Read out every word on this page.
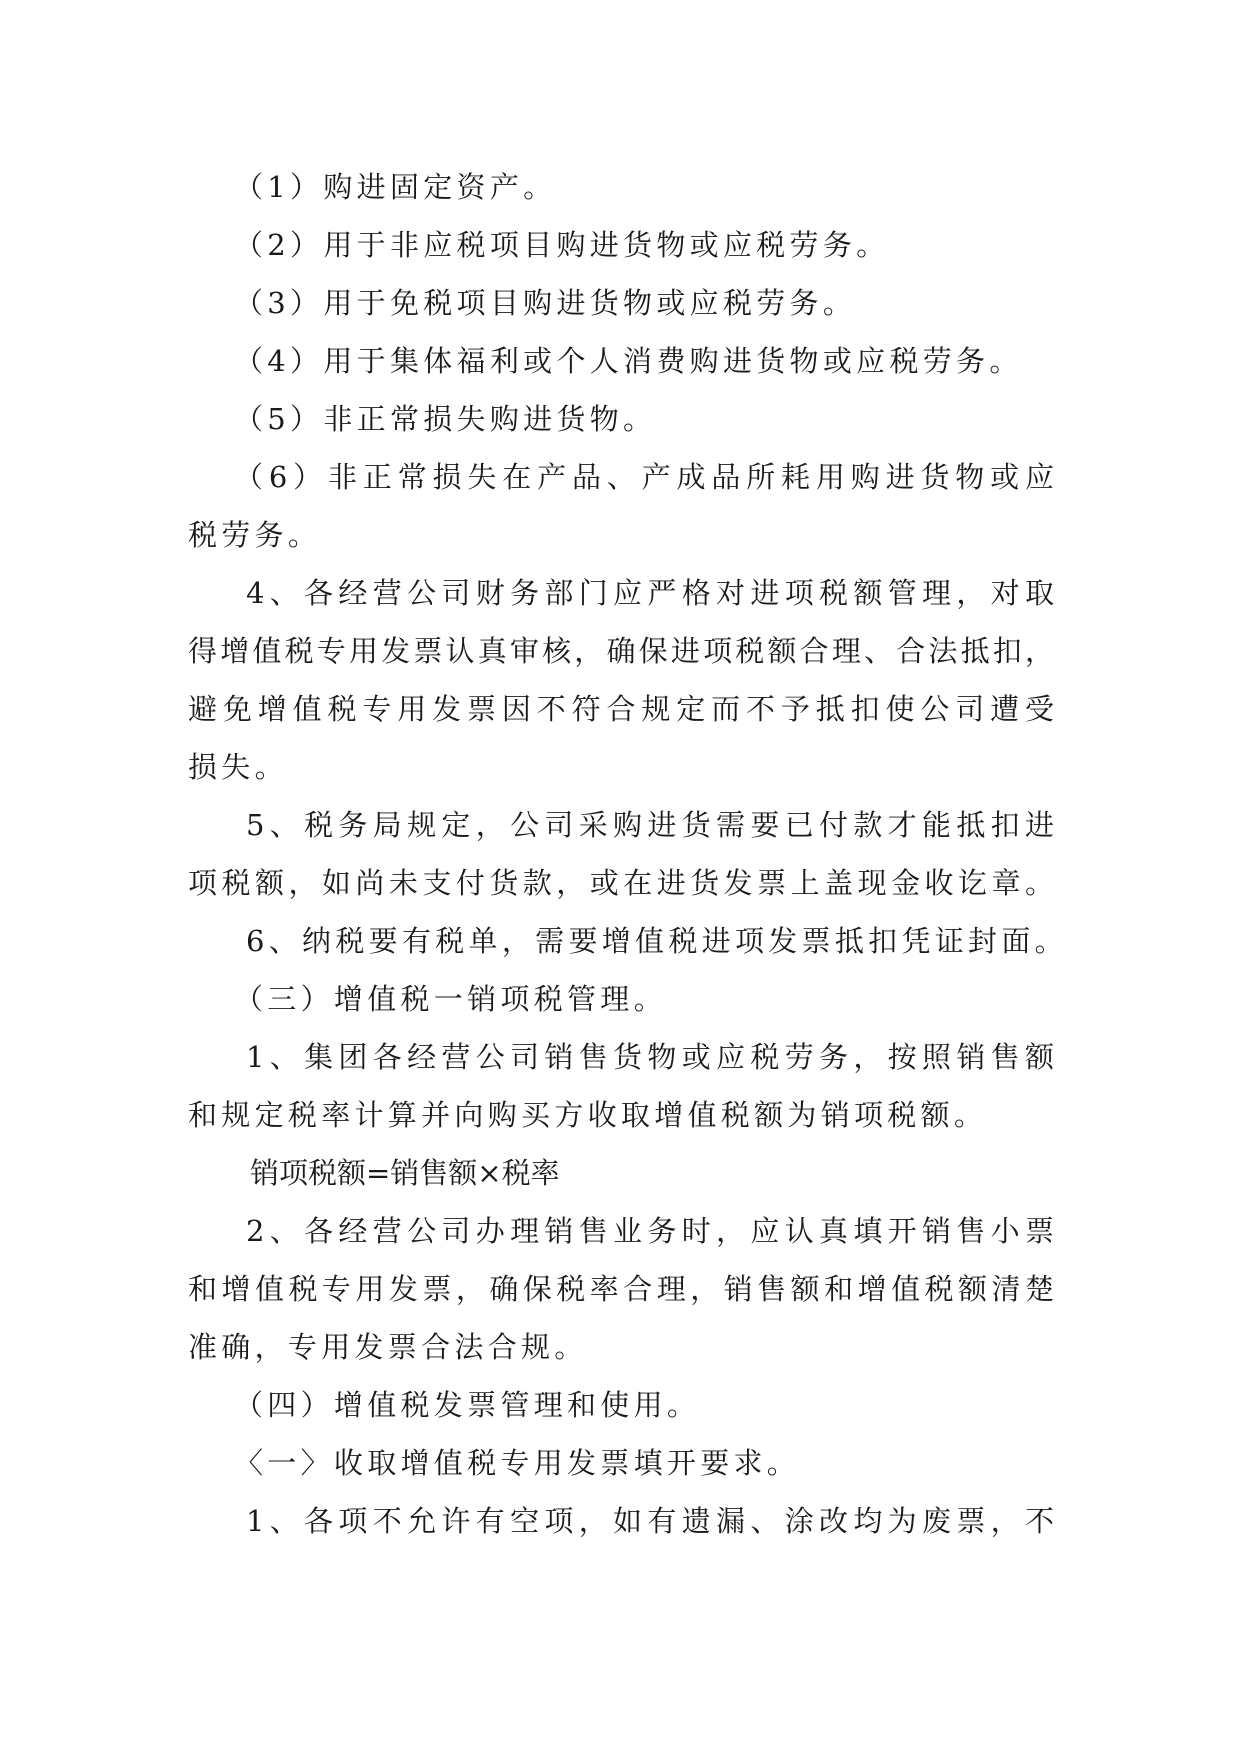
（1）购进固定资产。

（2）用于非应税项目购进货物或应税劳务。

（3）用于免税项目购进货物或应税劳务。

（4）用于集体福利或个人消费购进货物或应税劳务。

（5）非正常损失购进货物。

（6）非正常损失在产品、产成品所耗用购进货物或应

税劳务。

4、各经营公司财务部门应严格对进项税额管理，对取

得增值税专用发票认真审核，确保进项税额合理、合法抵扣，

避免增值税专用发票因不符合规定而不予抵扣使公司遭受

损失。

5、税务局规定，公司采购进货需要已付款才能抵扣进

项税额，如尚未支付货款，或在进货发票上盖现金收讫章。

6、纳税要有税单，需要增值税进项发票抵扣凭证封面。

（三）增值税一销项税管理。

1、集团各经营公司销售货物或应税劳务，按照销售额

和规定税率计算并向购买方收取增值税额为销项税额。

销项税额=销售额×税率

2、各经营公司办理销售业务时，应认真填开销售小票

和增值税专用发票，确保税率合理，销售额和增值税额清楚

准确，专用发票合法合规。

（四）增值税发票管理和使用。

〈一〉收取增值税专用发票填开要求。

1、各项不允许有空项，如有遗漏、涂改均为废票，不
